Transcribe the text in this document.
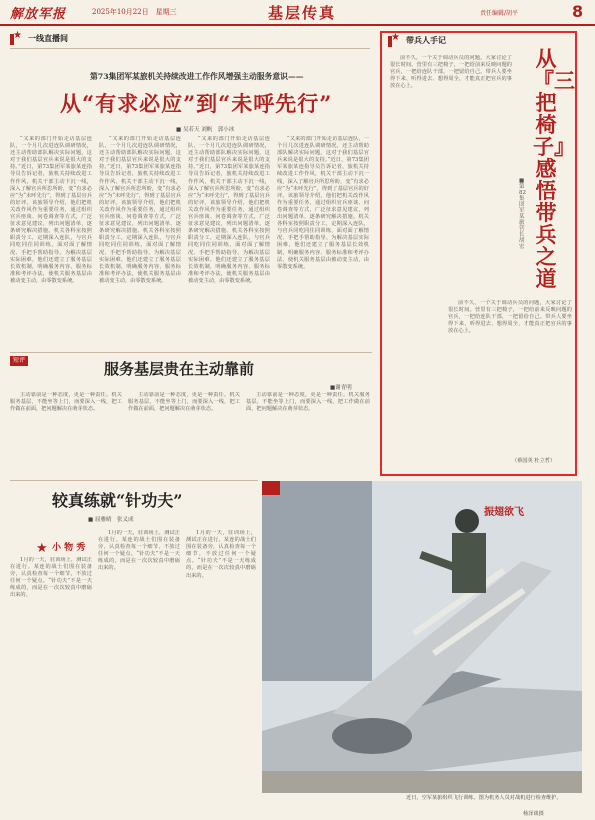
解放军报	2025年10月22日　星期三	基层传真	责任编辑/胡平	8
★ 一线直播间
第73集团军某旅机关持续改进工作作风增强主动服务意识——
从“有求必应”到“未呼先行”
■ 吴若天 刘帆　郭小冰

“又来的部门开始走访基层连队，一个月几次进连队调研情况，还主动帮助部队解决实际问题，这对于我们基层官兵来说是很大的支持。”近日，第73集团军某旅某连指导员告诉记者，旅机关持续改进工作作风，机关干部主动下沉一线，深入了解官兵所思所盼，变“有求必应”为“未呼先行”，得到了基层官兵的好评。该旅领导介绍，他们把机关改作风作为重要任务，通过组织官兵座谈、问卷调查等方式，广泛征求意见建议，列出问题清单，逐条研究解决措施。机关各科室按照职责分工，定期深入连队，与官兵同吃同住同训练，面对面了解情况、手把手帮助指导。为解决基层实际困难，他们还建立了服务基层长效机制，明确服务内容、服务标准和考评办法，使机关服务基层由被动变主动，由零散变系统。

“又来的部门开始走访基层连队，一个月几次进连队调研情况，还主动帮助部队解决实际问题，这对于我们基层官兵来说是很大的支持。”近日，第73集团军某旅某连指导员告诉记者，旅机关持续改进工作作风，机关干部主动下沉一线，深入了解官兵所思所盼，变“有求必应”为“未呼先行”，得到了基层官兵的好评。该旅领导介绍，他们把机关改作风作为重要任务，通过组织官兵座谈、问卷调查等方式，广泛征求意见建议，列出问题清单，逐条研究解决措施。机关各科室按照职责分工，定期深入连队，与官兵同吃同住同训练，面对面了解情况、手把手帮助指导。为解决基层实际困难，他们还建立了服务基层长效机制，明确服务内容、服务标准和考评办法，使机关服务基层由被动变主动，由零散变系统。

“又来的部门开始走访基层连队，一个月几次进连队调研情况，还主动帮助部队解决实际问题，这对于我们基层官兵来说是很大的支持。”近日，第73集团军某旅某连指导员告诉记者，旅机关持续改进工作作风，机关干部主动下沉一线，深入了解官兵所思所盼，变“有求必应”为“未呼先行”，得到了基层官兵的好评。该旅领导介绍，他们把机关改作风作为重要任务，通过组织官兵座谈、问卷调查等方式，广泛征求意见建议，列出问题清单，逐条研究解决措施。机关各科室按照职责分工，定期深入连队，与官兵同吃同住同训练，面对面了解情况、手把手帮助指导。为解决基层实际困难，他们还建立了服务基层长效机制，明确服务内容、服务标准和考评办法，使机关服务基层由被动变主动，由零散变系统。

“又来的部门开始走访基层连队，一个月几次进连队调研情况，还主动帮助部队解决实际问题，这对于我们基层官兵来说是很大的支持。”近日，第73集团军某旅某连指导员告诉记者，旅机关持续改进工作作风，机关干部主动下沉一线，深入了解官兵所思所盼，变“有求必应”为“未呼先行”，得到了基层官兵的好评。该旅领导介绍，他们把机关改作风作为重要任务，通过组织官兵座谈、问卷调查等方式，广泛征求意见建议，列出问题清单，逐条研究解决措施。机关各科室按照职责分工，定期深入连队，与官兵同吃同住同训练，面对面了解情况、手把手帮助指导。为解决基层实际困难，他们还建立了服务基层长效机制，明确服务内容、服务标准和考评办法，使机关服务基层由被动变主动，由零散变系统。

★ 带兵人手记
从『三把椅子』感悟带兵之道
■第82集团军某旅营长　胡宏　

前不久，一个关于调动兵员的问题，大家讨论了很长时间。营里有三把椅子，一把给前来反映问题的官兵，一把给连队干部，一把留给自己。带兵人要坐得下来、听得进去、想得周全，才能真正把官兵的事放在心上。

前不久，一个关于调动兵员的问题，大家讨论了很长时间。营里有三把椅子，一把给前来反映问题的官兵，一把给连队干部，一把留给自己。带兵人要坐得下来、听得进去、想得周全，才能真正把官兵的事放在心上。

（蔡国英 杜立哲）
短评	服务基层贵在主动靠前
■谢青明

主动靠前是一种态度，更是一种责任。机关服务基层，不能坐等上门，而要深入一线，把工作做在前面，把问题解决在萌芽状态。

主动靠前是一种态度，更是一种责任。机关服务基层，不能坐等上门，而要深入一线，把工作做在前面，把问题解决在萌芽状态。

主动靠前是一种态度，更是一种责任。机关服务基层，不能坐等上门，而要深入一线，把工作做在前面，把问题解决在萌芽状态。

较真练就“针功夫”
■ 屈雅晴　张义成
★ 小 物 秀

1月的一天，驻训场上，测试正在进行。某连的战士们围在装备旁，认真检查每一个细节，不放过任何一个疑点。“针功夫”不是一天练成的，而是在一次次较真中磨砺出来的。

1月的一天，驻训场上，测试正在进行。某连的战士们围在装备旁，认真检查每一个细节，不放过任何一个疑点。“针功夫”不是一天练成的，而是在一次次较真中磨砺出来的。

1月的一天，驻训场上，测试正在进行。某连的战士们围在装备旁，认真检查每一个细节，不放过任何一个疑点。“针功夫”不是一天练成的，而是在一次次较真中磨砺出来的。

振翅欲飞
近日，空军某旅组织飞行训练。图为机务人员对战机进行检查维护。
杨泽谈摄
